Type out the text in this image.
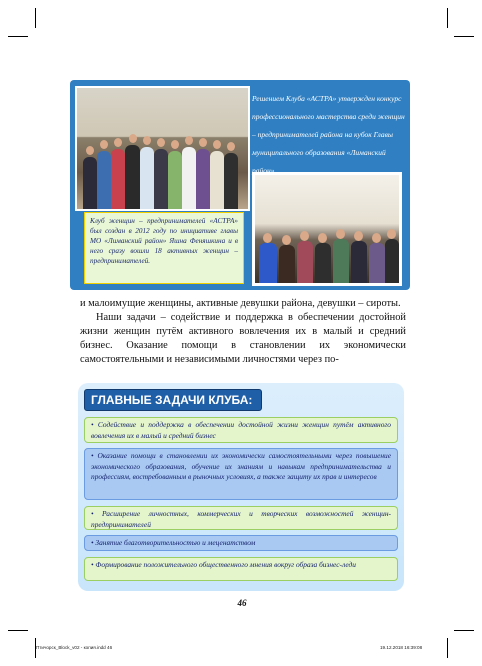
Решением Клуба «АСТРА» утвержден конкурс профессионального мастерства среди женщин – предпринимателей района на кубок Главы муниципального образования «Лиманский район»
Клуб женщин – предпринимателей «АСТРА» был создан в 2012 году по инициативе главы МО «Лиманский район» Яшна Феняшкина и в него сразу вошли 18 активных женщин – предпринимателей.

и малоимущие женщины, активные девушки района, девушки – сироты.

Наши задачи – содействие и поддержка в обеспечении достойной жизни женщин путём активного вовлечения их в малый и средний бизнес. Оказание помощи в становлении их экономически самостоятельными и независимыми личностями через по-

ГЛАВНЫЕ ЗАДАЧИ КЛУБА:
• Содействие и поддержка в обеспечении достойной жизни женщин путём активного вовлечения их в малый и средний бизнес
• Оказание помощи в становлении их экономически самостоятельными через повышение экономического образования, обучение их знаниям и навыкам предпринимательства и профессиям, востребованным в рыночных условиях, а также защиту их прав и интересов
• Расширение личностных, коммерческих и творческих возможностей женщин-предпринимателей
• Занятие благотворительностью и меценатством
• Формирование положительного общественного мнения вокруг образа бизнес-леди
46
Птичорск_Block_v02 - копия.indd 46	19.12.2018 16:39:08
